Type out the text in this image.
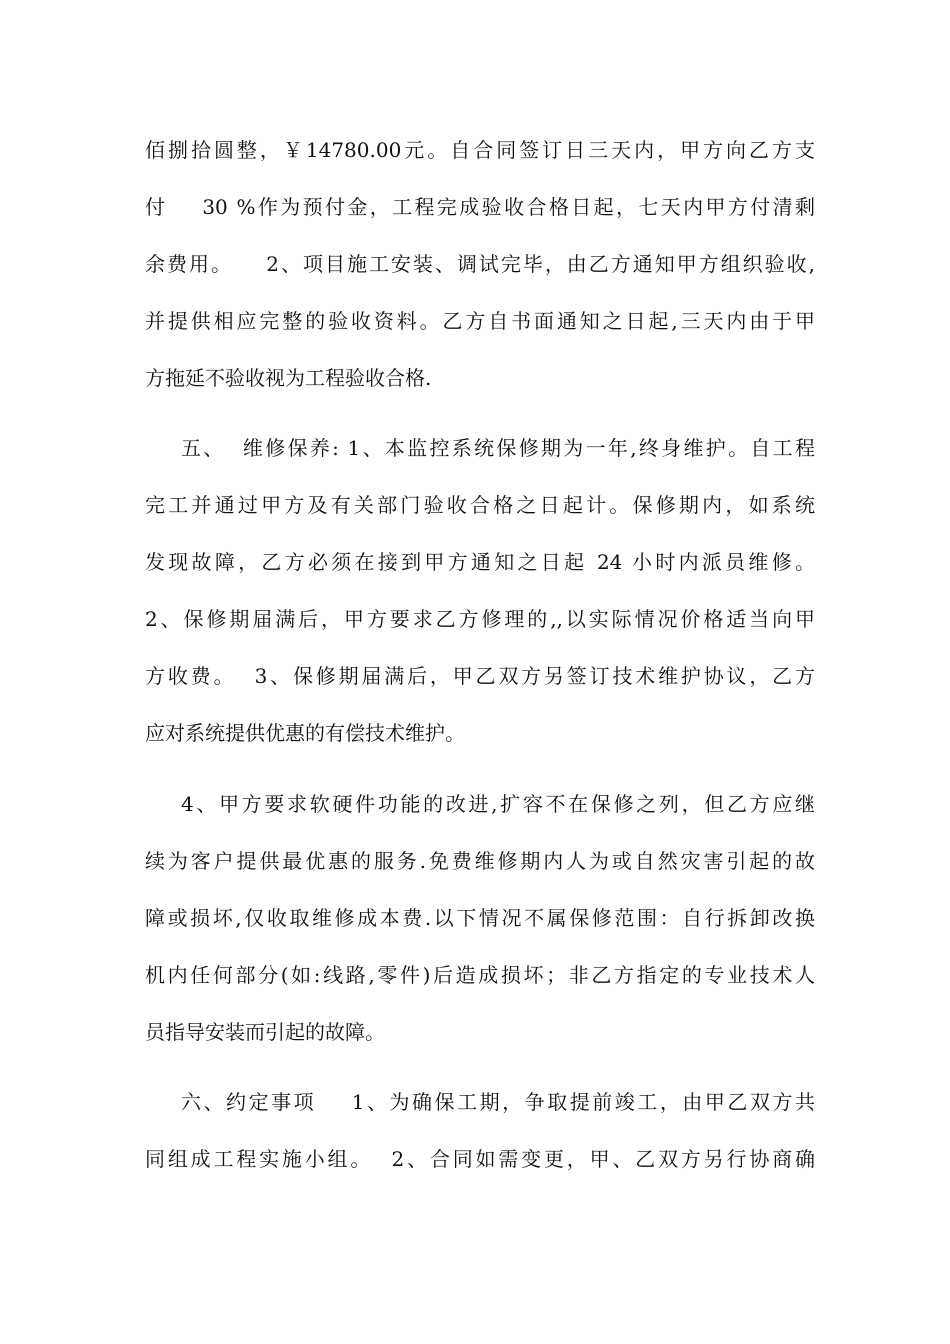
佰捌拾圆整，￥14780.00元。自合同签订日三天内，甲方向乙方支
付    30 %作为预付金，工程完成验收合格日起，七天内甲方付清剩
余费用。    2、项目施工安装、调试完毕，由乙方通知甲方组织验收,
并提供相应完整的验收资料。乙方自书面通知之日起,三天内由于甲
方拖延不验收视为工程验收合格.
五、  维修保养: 1、本监控系统保修期为一年,终身维护。自工程
完工并通过甲方及有关部门验收合格之日起计。保修期内，如系统
发现故障，乙方必须在接到甲方通知之日起 24 小时内派员维修。
2、保修期届满后，甲方要求乙方修理的,,以实际情况价格适当向甲
方收费。  3、保修期届满后，甲乙双方另签订技术维护协议，乙方
应对系统提供优惠的有偿技术维护。
4、甲方要求软硬件功能的改进,扩容不在保修之列，但乙方应继
续为客户提供最优惠的服务.免费维修期内人为或自然灾害引起的故
障或损坏,仅收取维修成本费.以下情况不属保修范围：自行拆卸改换
机内任何部分(如:线路,零件)后造成损坏；非乙方指定的专业技术人
员指导安装而引起的故障。
六、约定事项    1、为确保工期，争取提前竣工，由甲乙双方共
同组成工程实施小组。  2、合同如需变更，甲、乙双方另行协商确
